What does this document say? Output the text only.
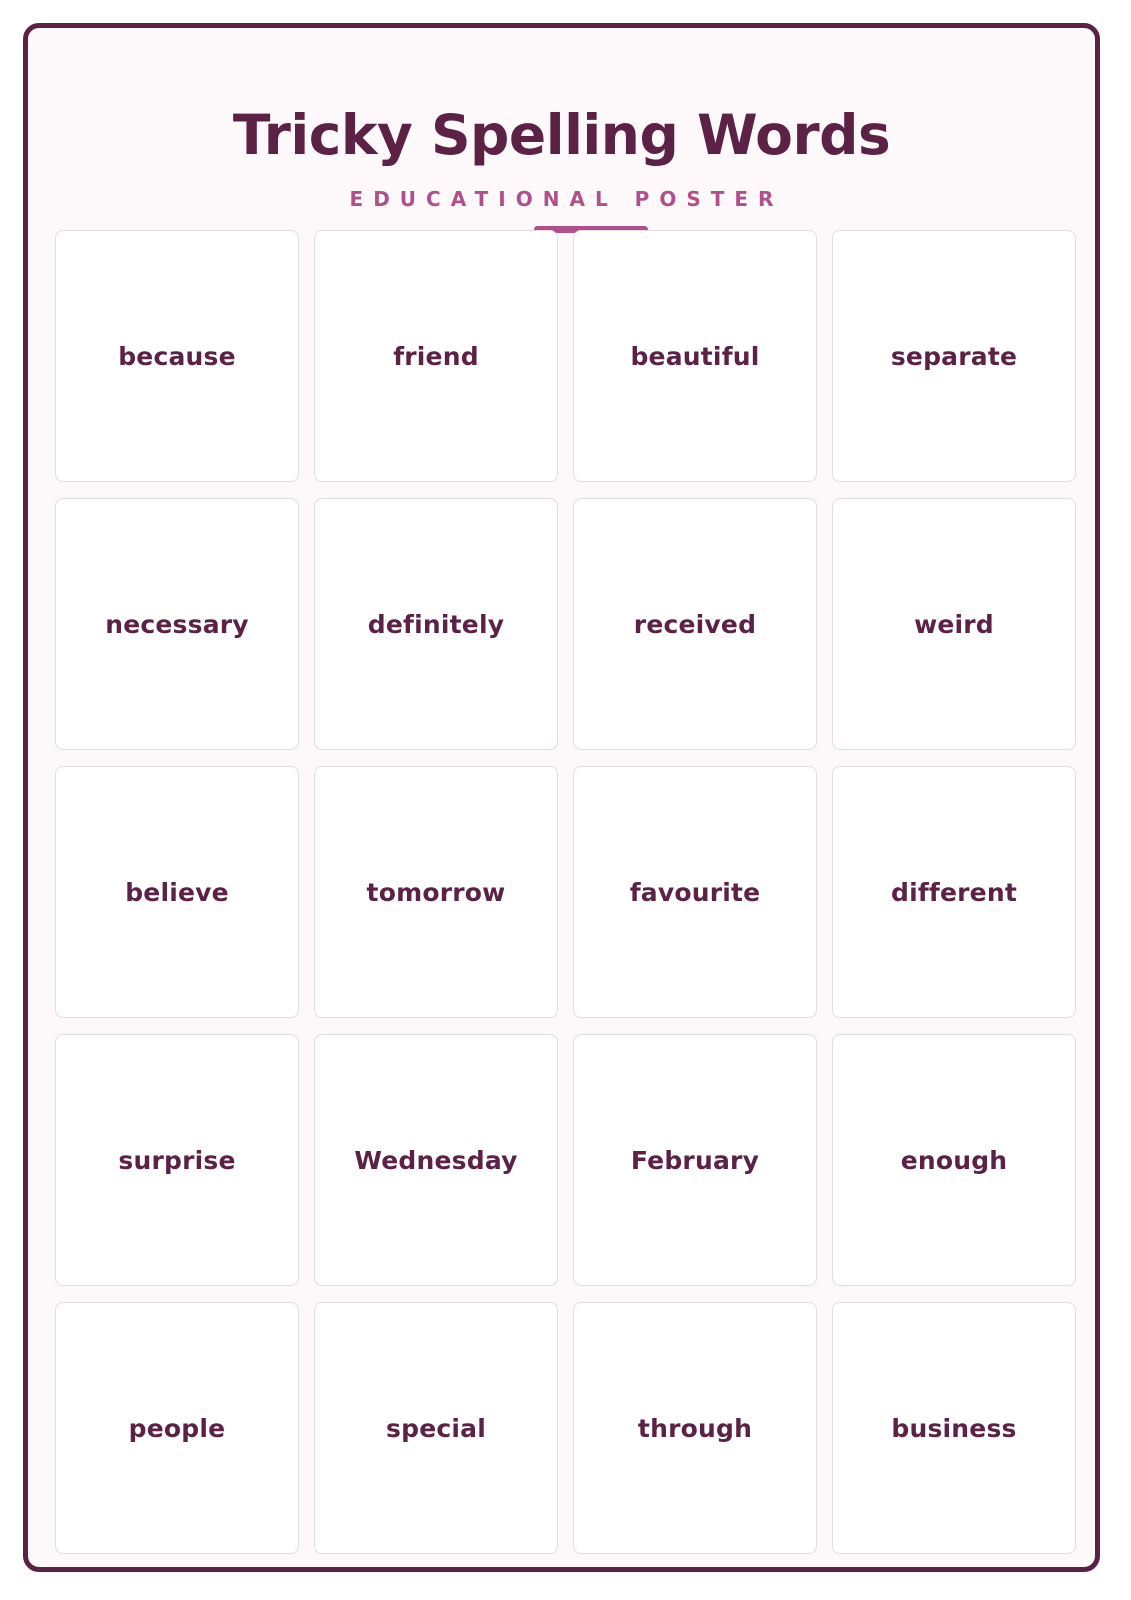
Tricky Spelling Words
EDUCATIONAL POSTER
because	friend	beautiful	separate
necessary	definitely	received	weird
believe	tomorrow	favourite	different
surprise	Wednesday	February	enough
people	special	through	business
